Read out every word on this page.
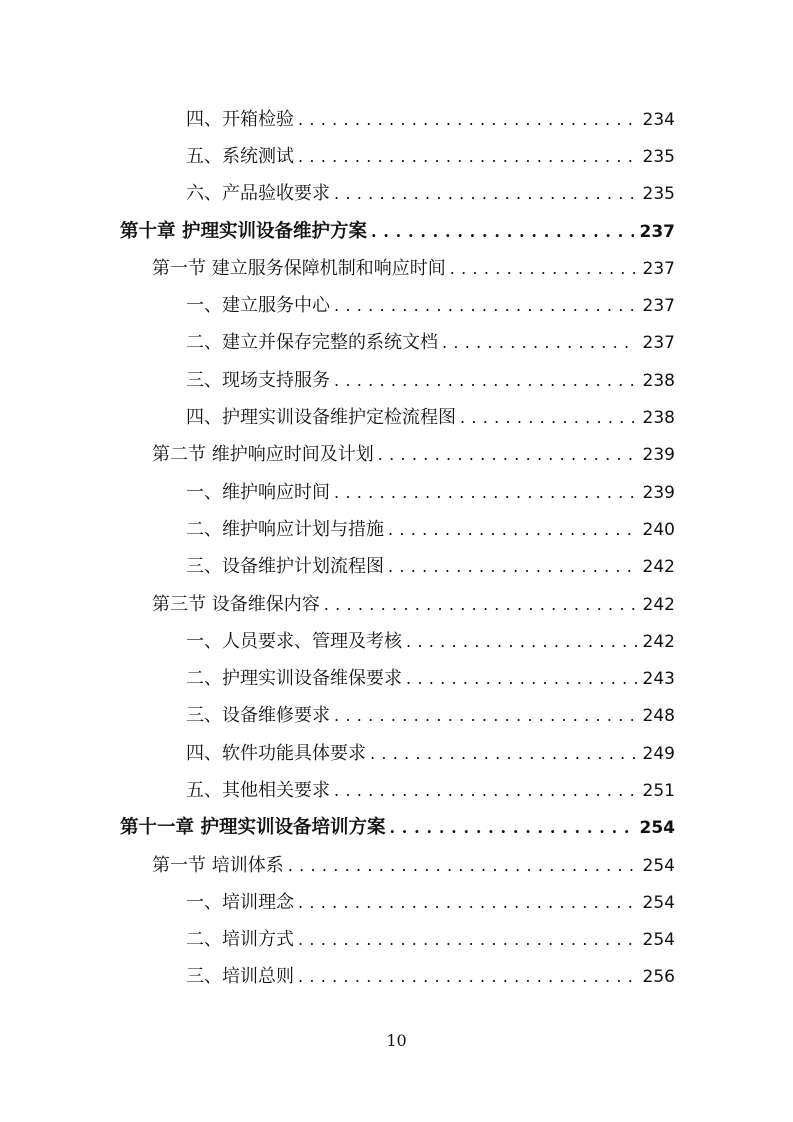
四、开箱检验 . . .	234
五、系统测试 . . .	235
六、产品验收要求 . . .	235
第十章 护理实训设备维护方案 . . .	237
第一节 建立服务保障机制和响应时间 . . .	237
一、建立服务中心 . . .	237
二、建立并保存完整的系统文档 . . .	237
三、现场支持服务 . . .	238
四、护理实训设备维护定检流程图 . . .	238
第二节 维护响应时间及计划 . . .	239
一、维护响应时间 . . .	239
二、维护响应计划与措施 . . .	240
三、设备维护计划流程图 . . .	242
第三节 设备维保内容 . . .	242
一、人员要求、管理及考核 . . .	242
二、护理实训设备维保要求 . . .	243
三、设备维修要求 . . .	248
四、软件功能具体要求 . . .	249
五、其他相关要求 . . .	251
第十一章 护理实训设备培训方案 . . .	254
第一节 培训体系 . . .	254
一、培训理念 . . .	254
二、培训方式 . . .	254
三、培训总则 . . .	256
10
